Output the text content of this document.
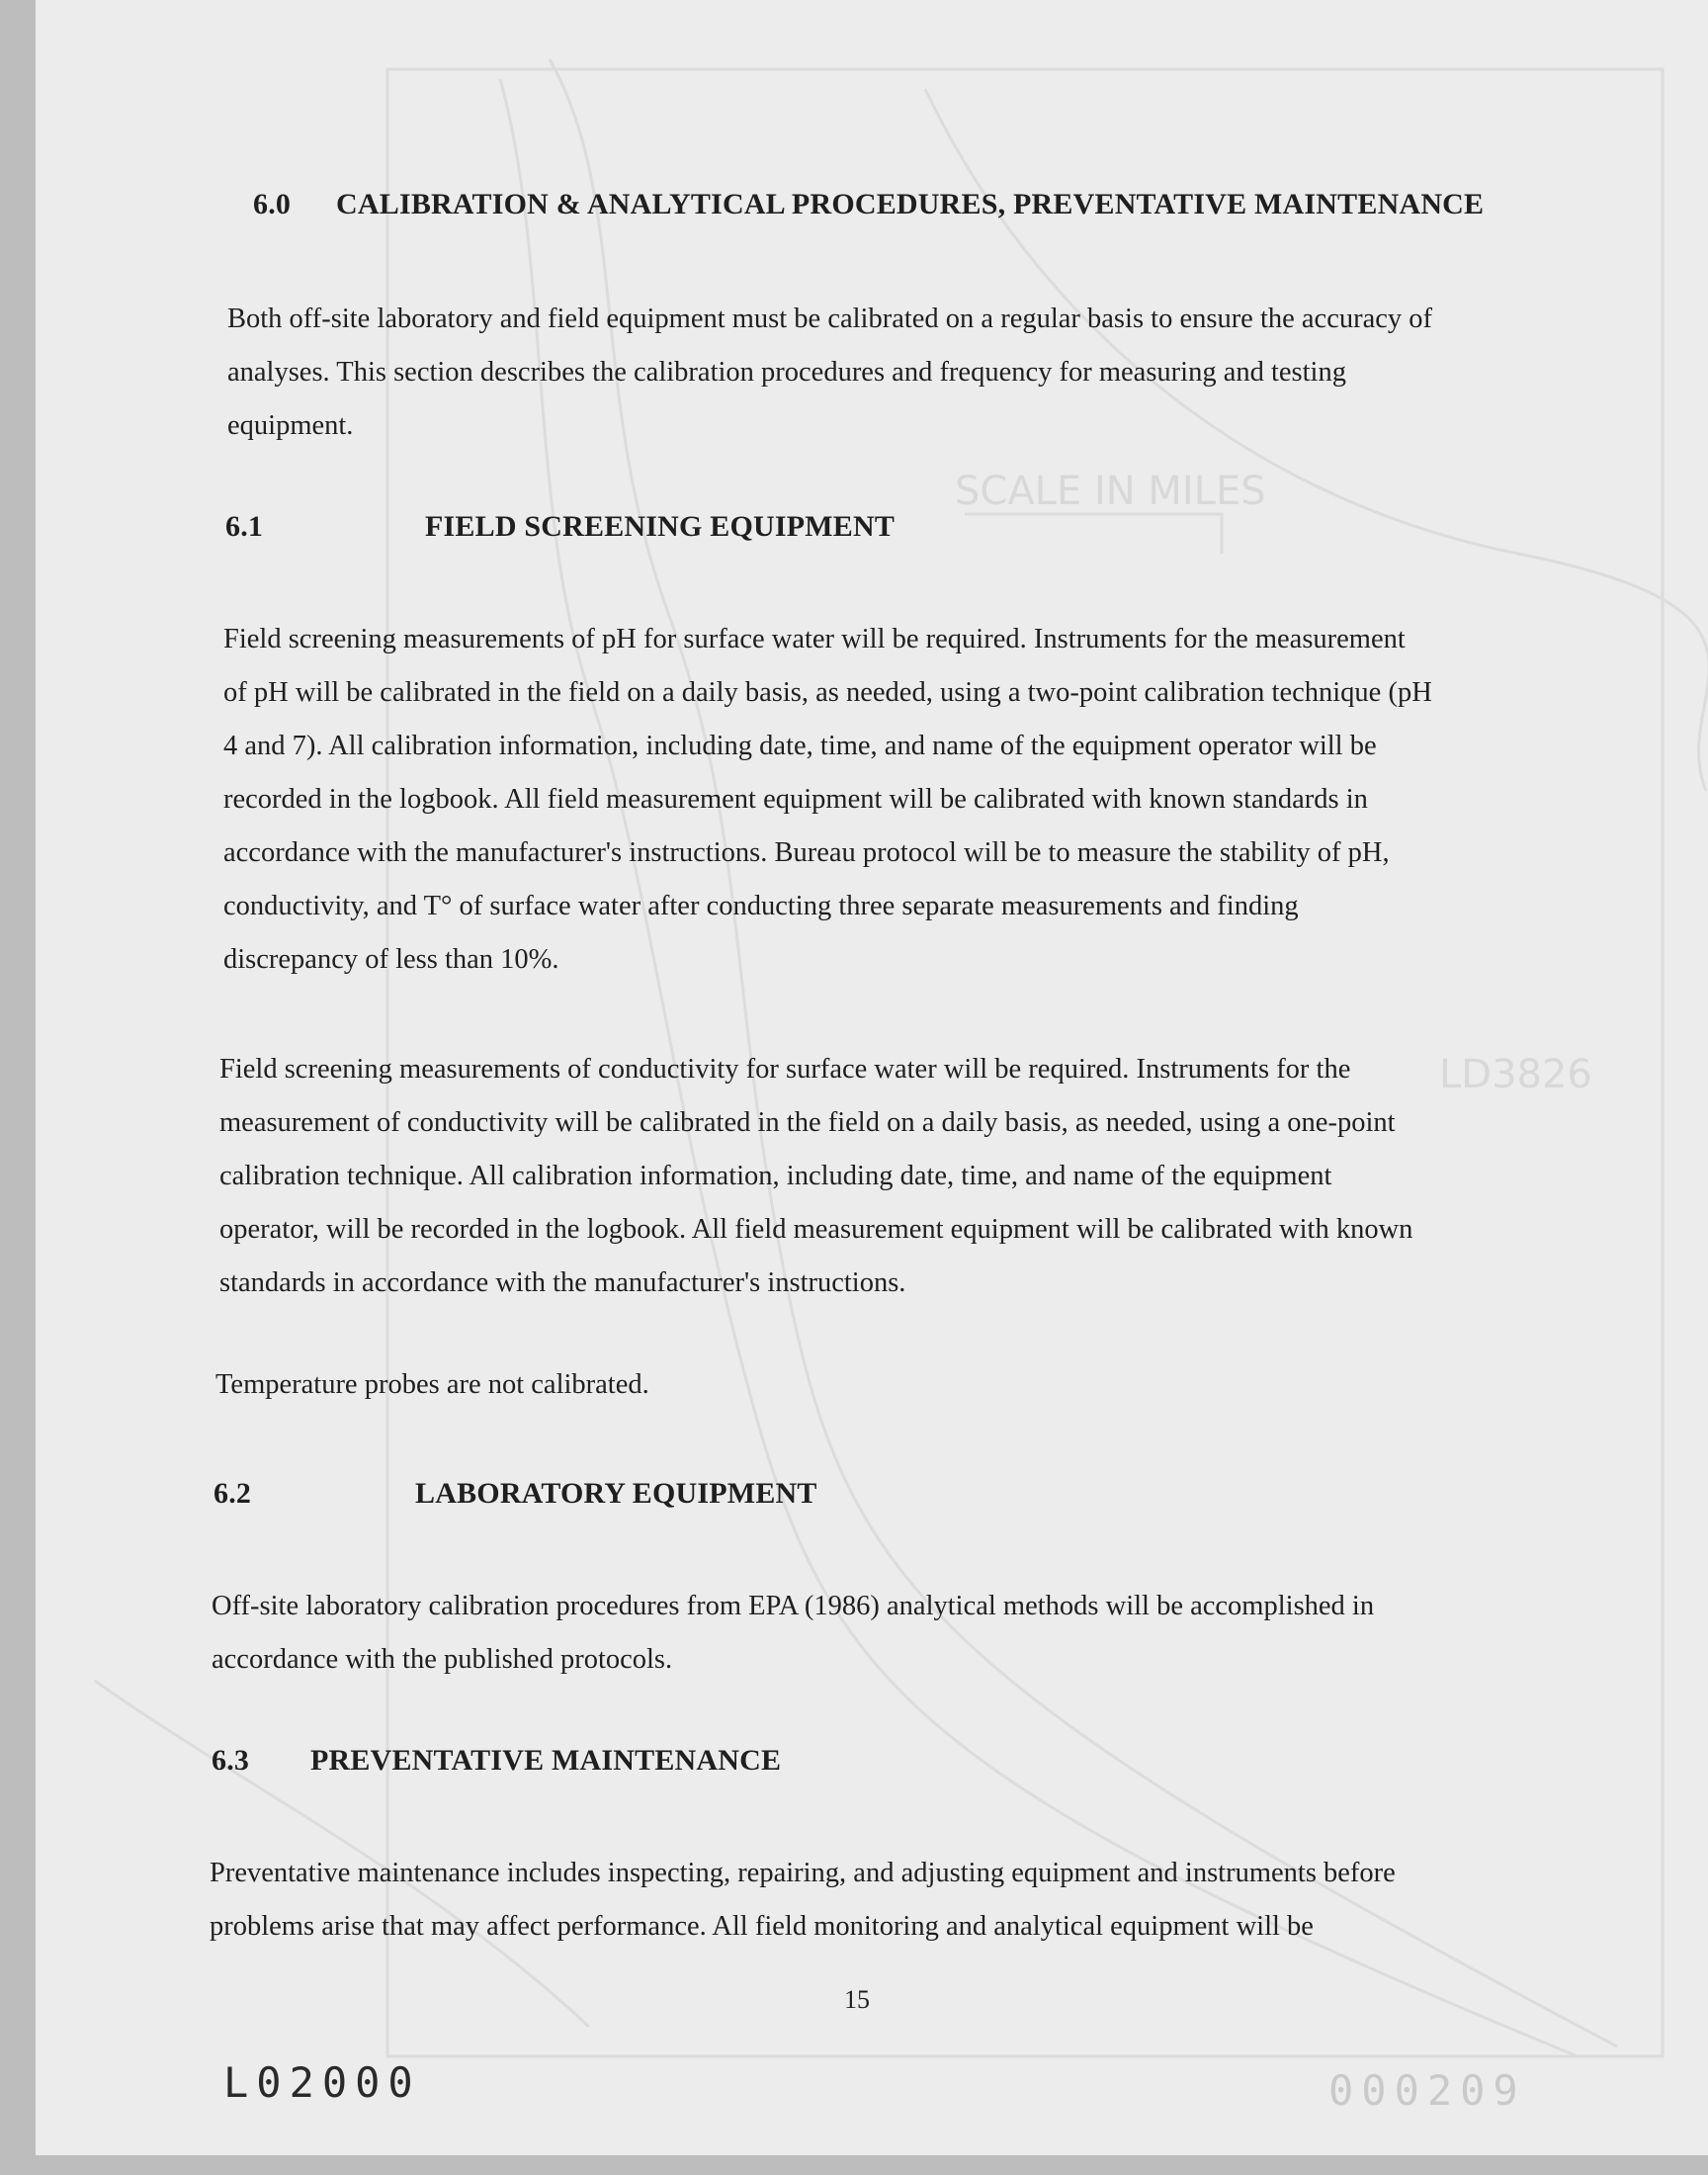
SCALE IN MILES
LD3826
6.0 CALIBRATION & ANALYTICAL PROCEDURES, PREVENTATIVE MAINTENANCE
Both off-site laboratory and field equipment must be calibrated on a regular basis to ensure the accuracy of
analyses. This section describes the calibration procedures and frequency for measuring and testing
equipment.
6.1	FIELD SCREENING EQUIPMENT
Field screening measurements of pH for surface water will be required. Instruments for the measurement
of pH will be calibrated in the field on a daily basis, as needed, using a two-point calibration technique (pH
4 and 7). All calibration information, including date, time, and name of the equipment operator will be
recorded in the logbook. All field measurement equipment will be calibrated with known standards in
accordance with the manufacturer's instructions. Bureau protocol will be to measure the stability of pH,
conductivity, and T° of surface water after conducting three separate measurements and finding
discrepancy of less than 10%.
Field screening measurements of conductivity for surface water will be required. Instruments for the
measurement of conductivity will be calibrated in the field on a daily basis, as needed, using a one-point
calibration technique. All calibration information, including date, time, and name of the equipment
operator, will be recorded in the logbook. All field measurement equipment will be calibrated with known
standards in accordance with the manufacturer's instructions.
Temperature probes are not calibrated.
6.2	LABORATORY EQUIPMENT
Off-site laboratory calibration procedures from EPA (1986) analytical methods will be accomplished in
accordance with the published protocols.
6.3 PREVENTATIVE MAINTENANCE
Preventative maintenance includes inspecting, repairing, and adjusting equipment and instruments before
problems arise that may affect performance. All field monitoring and analytical equipment will be
15
L02000	000209
